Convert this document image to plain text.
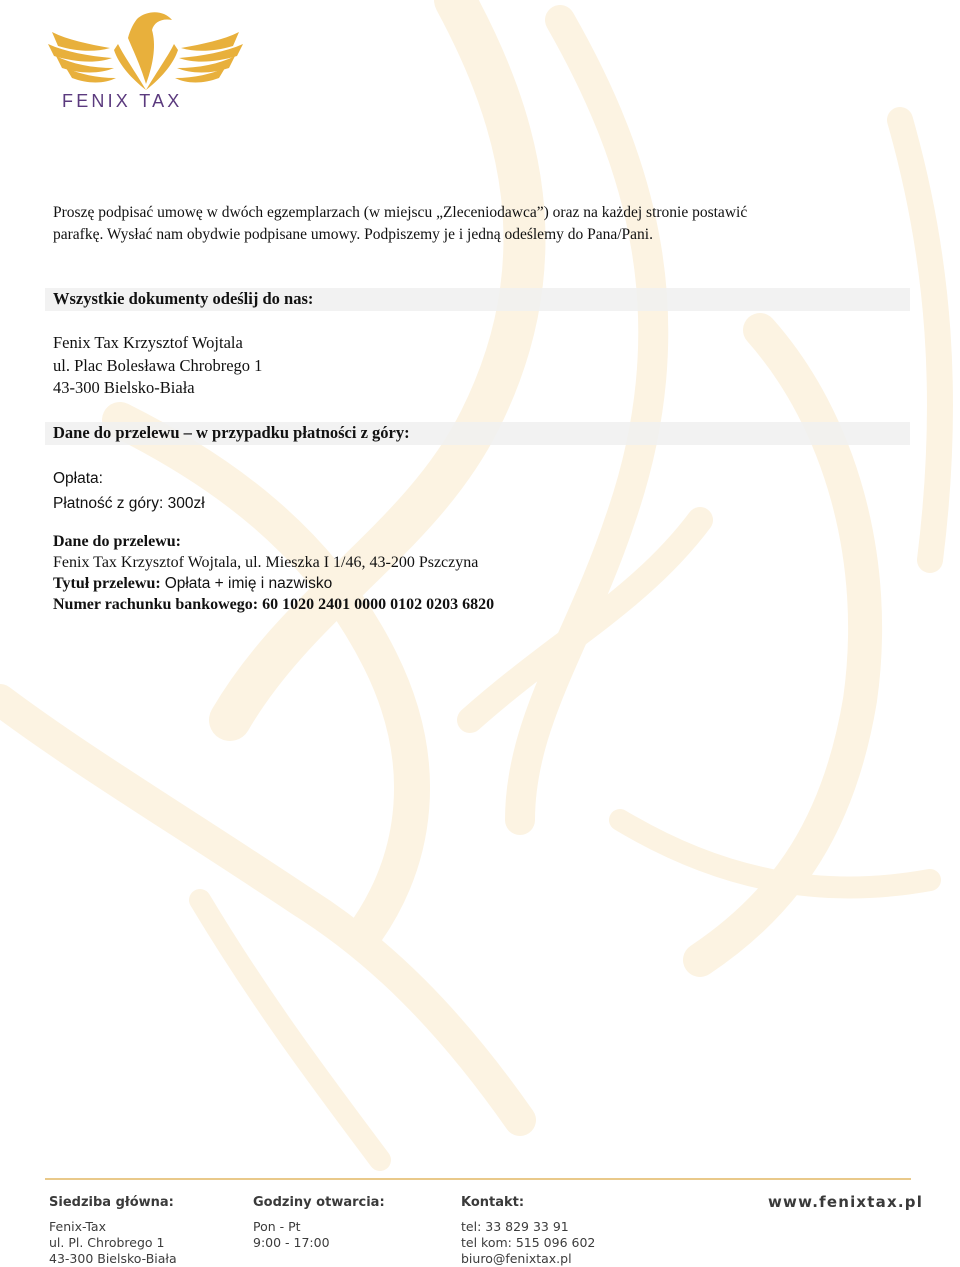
FENIX TAX
Proszę podpisać umowę w dwóch egzemplarzach (w miejscu „Zleceniodawca”) oraz na każdej stronie postawić
parafkę. Wysłać nam obydwie podpisane umowy. Podpiszemy je i jedną odeślemy do Pana/Pani.
Wszystkie dokumenty odeślij do nas:
Fenix Tax Krzysztof Wojtala
ul. Plac Bolesława Chrobrego 1
43-300 Bielsko-Biała
Dane do przelewu – w przypadku płatności z góry:
Opłata:
Płatność z góry: 300zł
Dane do przelewu:
Fenix Tax Krzysztof Wojtala, ul. Mieszka I 1/46, 43-200 Pszczyna
Tytuł przelewu: Opłata + imię i nazwisko
Numer rachunku bankowego: 60 1020 2401 0000 0102 0203 6820
Siedziba główna:
Fenix-Tax
ul. Pl. Chrobrego 1
43-300 Bielsko-Biała
Godziny otwarcia:
Pon - Pt
9:00 - 17:00
Kontakt:
tel: 33 829 33 91
tel kom: 515 096 602
biuro@fenixtax.pl
www.fenixtax.pl
